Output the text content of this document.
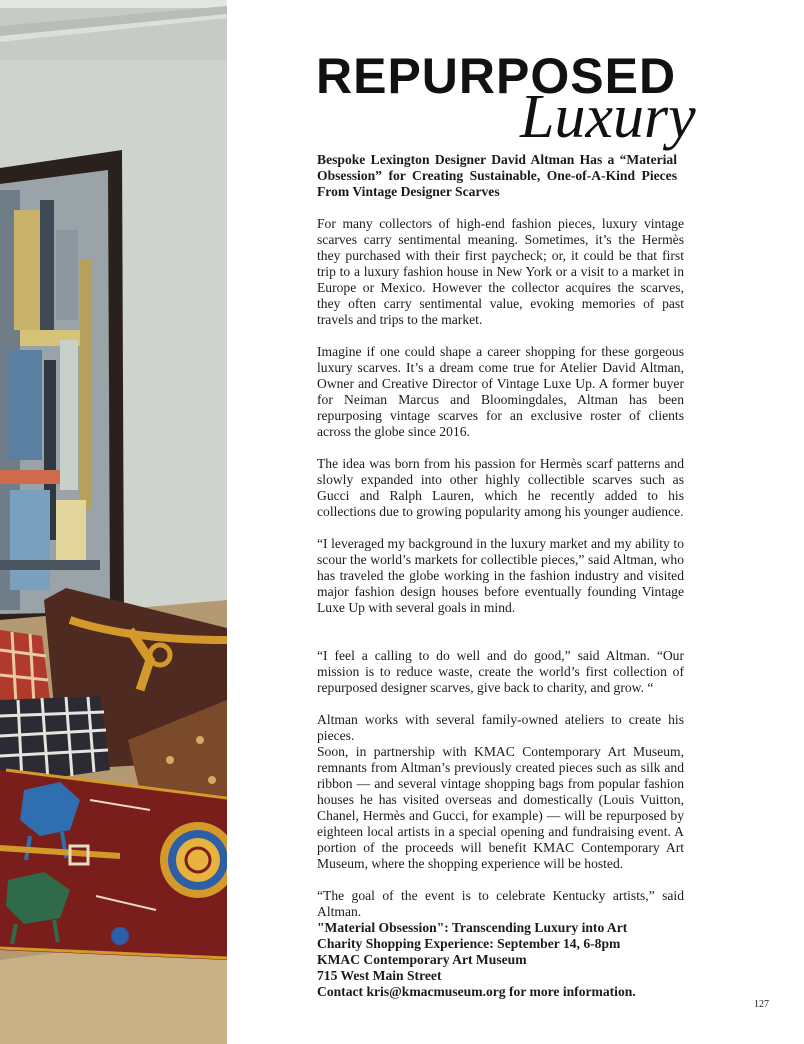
REPURPOSED
Luxury

Bespoke Lexington Designer David Altman Has a “Material Obsession” for Creating Sustainable, One-of-A-Kind Pieces From Vintage Designer Scarves

For many collectors of high-end fashion pieces, luxury vintage scarves carry sentimental meaning. Sometimes, it’s the Hermès they purchased with their first paycheck; or, it could be that first trip to a luxury fashion house in New York or a visit to a market in Europe or Mexico. However the collector acquires the scarves, they often carry sentimental value, evoking memories of past travels and trips to the market.

Imagine if one could shape a career shopping for these gorgeous luxury scarves. It’s a dream come true for Atelier David Altman, Owner and Creative Director of Vintage Luxe Up. A former buyer for Neiman Marcus and Bloomingdales, Altman has been repurposing vintage scarves for an exclusive roster of clients across the globe since 2016.

The idea was born from his passion for Hermès scarf patterns and slowly expanded into other highly collectible scarves such as Gucci and Ralph Lauren, which he recently added to his collections due to growing popularity among his younger audience.

“I leveraged my background in the luxury market and my ability to scour the world’s markets for collectible pieces,” said Altman, who has traveled the globe working in the fashion industry and visited major fashion design houses before eventually founding Vintage Luxe Up with several goals in mind.

“I feel a calling to do well and do good,” said Altman. “Our mission is to reduce waste, create the world’s first collection of repurposed designer scarves, give back to charity, and grow. “

Altman works with several family-owned ateliers to create his pieces.

Soon, in partnership with KMAC Contemporary Art Museum, remnants from Altman’s previously created pieces such as silk and ribbon — and several vintage shopping bags from popular fashion houses he has visited overseas and domestically (Louis Vuitton, Chanel, Hermès and Gucci, for example) — will be repurposed by eighteen local artists in a special opening and fundraising event. A portion of the proceeds will benefit KMAC Contemporary Art Museum, where the shopping experience will be hosted.

“The goal of the event is to celebrate Kentucky artists,” said Altman.

"Material Obsession": Transcending Luxury into Art
Charity Shopping Experience: September 14, 6-8pm
KMAC Contemporary Art Museum
715 West Main Street
Contact kris@kmacmuseum.org for more information.
127
